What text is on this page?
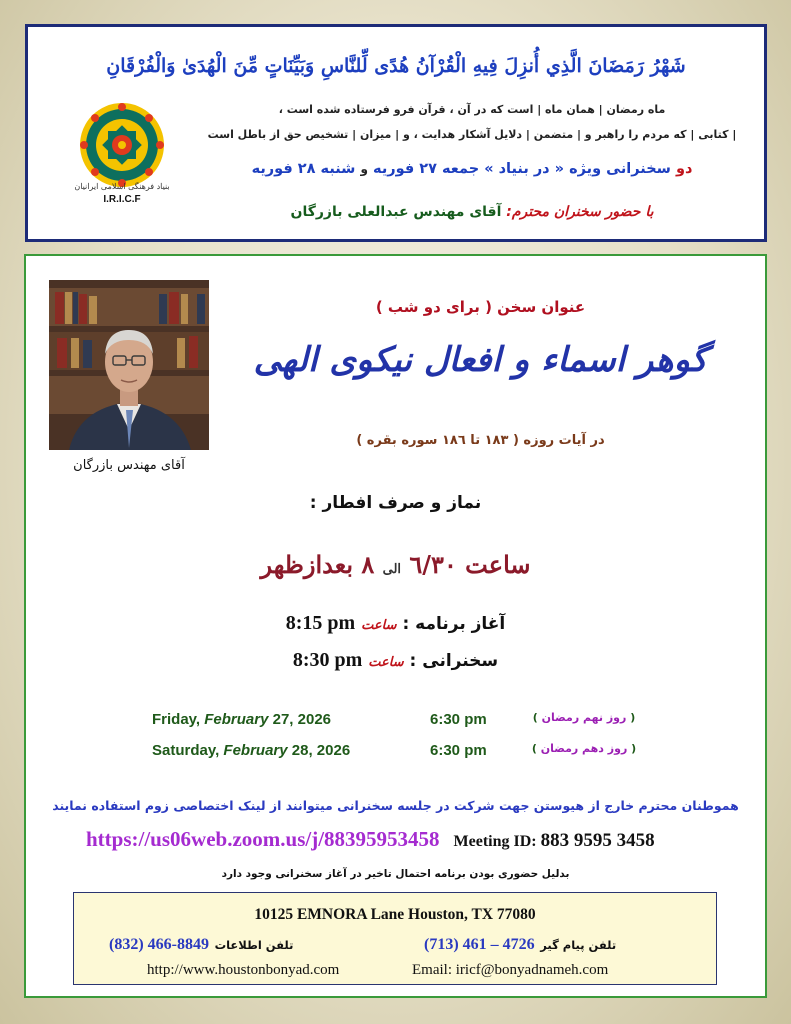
شَهْرُ رَمَضَانَ الَّذِي أُنزِلَ فِيهِ الْقُرْآنُ هُدًى لِّلنَّاسِ وَبَيِّنَاتٍ مِّنَ الْهُدَىٰ وَالْفُرْقَانِ
بنیاد فرهنگی اسلامی ایرانیان
I.R.I.C.F
ماه رمضان | همان ماه | است که در آن ، قرآن فرو فرستاده شده است ،
| کتابی | که مردم را راهبر و | متضمن | دلایل آشکار هدایت ، و | میزان | تشخیص حق از باطل است
دو سخنرانی ویژه « در بنیاد » جمعه ٢٧ فوریه و شنبه ٢٨ فوریه
با حضور سخنران محترم: آقای مهندس عبدالعلی بازرگان
آقای مهندس بازرگان
عنوان سخن ( برای دو شب )
گوهر اسماء و افعال نیکوی الهی
در آیات روزه ( ١٨٣ تا ١٨٦ سوره بقره )
نماز و صرف افطار :
ساعت ٦/٣٠ الی ٨ بعدازظهر
آغاز برنامه : ساعت 8:15 pm
سخنرانی : ساعت 8:30 pm
Friday, February 27, 2026	6:30 pm	( روز نهم رمضان )
Saturday, February 28, 2026	6:30 pm	( روز دهم رمضان )
هموطنان محترم خارج از هیوستن جهت شرکت در جلسه سخنرانی میتوانند از لینک اختصاصی زوم استفاده نمایند
https://us06web.zoom.us/j/88395953458 Meeting ID: 883 9595 3458
بدلیل حضوری بودن برنامه احتمال تاخیر در آغاز سخنرانی وجود دارد
10125 EMNORA Lane Houston, TX 77080
(832) 466-8849 تلفن اطلاعات	(713) 461 – 4726 تلفن پیام گیر
http://www.houstonbonyad.com	Email: iricf@bonyadnameh.com
